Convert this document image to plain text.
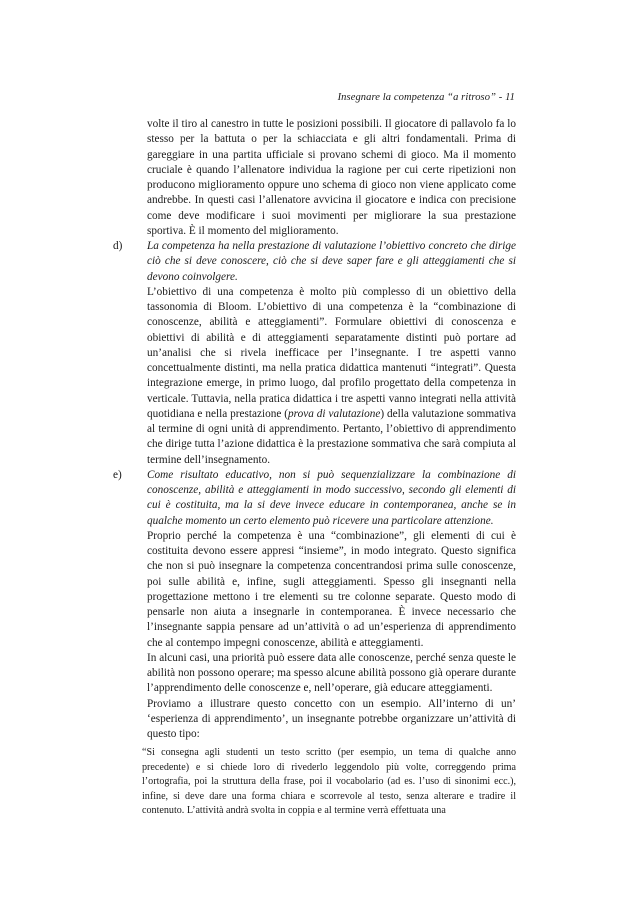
Insegnare la competenza “a ritroso” - 11

volte il tiro al canestro in tutte le posizioni possibili. Il giocatore di pallavolo fa lo stesso per la battuta o per la schiacciata e gli altri fondamentali. Prima di gareggiare in una partita ufficiale si provano schemi di gioco. Ma il momento cruciale è quando l’allenatore individua la ragione per cui certe ripetizioni non producono miglioramento oppure uno schema di gioco non viene applicato come andrebbe. In questi casi l’allenatore avvicina il giocatore e indica con precisione come deve modificare i suoi movimenti per migliorare la sua prestazione sportiva. È il momento del miglioramento.

d) La competenza ha nella prestazione di valutazione l’obiettivo concreto che dirige ciò che si deve conoscere, ciò che si deve saper fare e gli atteggiamenti che si devono coinvolgere.

L’obiettivo di una competenza è molto più complesso di un obiettivo della tassonomia di Bloom. L’obiettivo di una competenza è la “combinazione di conoscenze, abilità e atteggiamenti”. Formulare obiettivi di conoscenza e obiettivi di abilità e di atteggiamenti separatamente distinti può portare ad un’analisi che si rivela inefficace per l’insegnante. I tre aspetti vanno concettualmente distinti, ma nella pratica didattica mantenuti “integrati”. Questa integrazione emerge, in primo luogo, dal profilo progettato della competenza in verticale. Tuttavia, nella pratica didattica i tre aspetti vanno integrati nella attività quotidiana e nella prestazione (prova di valutazione) della valutazione sommativa al termine di ogni unità di apprendimento. Pertanto, l’obiettivo di apprendimento che dirige tutta l’azione didattica è la prestazione sommativa che sarà compiuta al termine dell’insegnamento.

e) Come risultato educativo, non si può sequenzializzare la combinazione di conoscenze, abilità e atteggiamenti in modo successivo, secondo gli elementi di cui è costituita, ma la si deve invece educare in contemporanea, anche se in qualche momento un certo elemento può ricevere una particolare attenzione.

Proprio perché la competenza è una “combinazione”, gli elementi di cui è costituita devono essere appresi “insieme”, in modo integrato. Questo significa che non si può insegnare la competenza concentrandosi prima sulle conoscenze, poi sulle abilità e, infine, sugli atteggiamenti. Spesso gli insegnanti nella progettazione mettono i tre elementi su tre colonne separate. Questo modo di pensarle non aiuta a insegnarle in contemporanea. È invece necessario che l’insegnante sappia pensare ad un’attività o ad un’esperienza di apprendimento che al contempo impegni conoscenze, abilità e atteggiamenti.

In alcuni casi, una priorità può essere data alle conoscenze, perché senza queste le abilità non possono operare; ma spesso alcune abilità possono già operare durante l’apprendimento delle conoscenze e, nell’operare, già educare atteggiamenti.

Proviamo a illustrare questo concetto con un esempio. All’interno di un’ ‘esperienza di apprendimento’, un insegnante potrebbe organizzare un’attività di questo tipo:

“Si consegna agli studenti un testo scritto (per esempio, un tema di qualche anno precedente) e si chiede loro di rivederlo leggendolo più volte, correggendo prima l’ortografia, poi la struttura della frase, poi il vocabolario (ad es. l’uso di sinonimi ecc.), infine, si deve dare una forma chiara e scorrevole al testo, senza alterare e tradire il contenuto. L’attività andrà svolta in coppia e al termine verrà effettuata una
